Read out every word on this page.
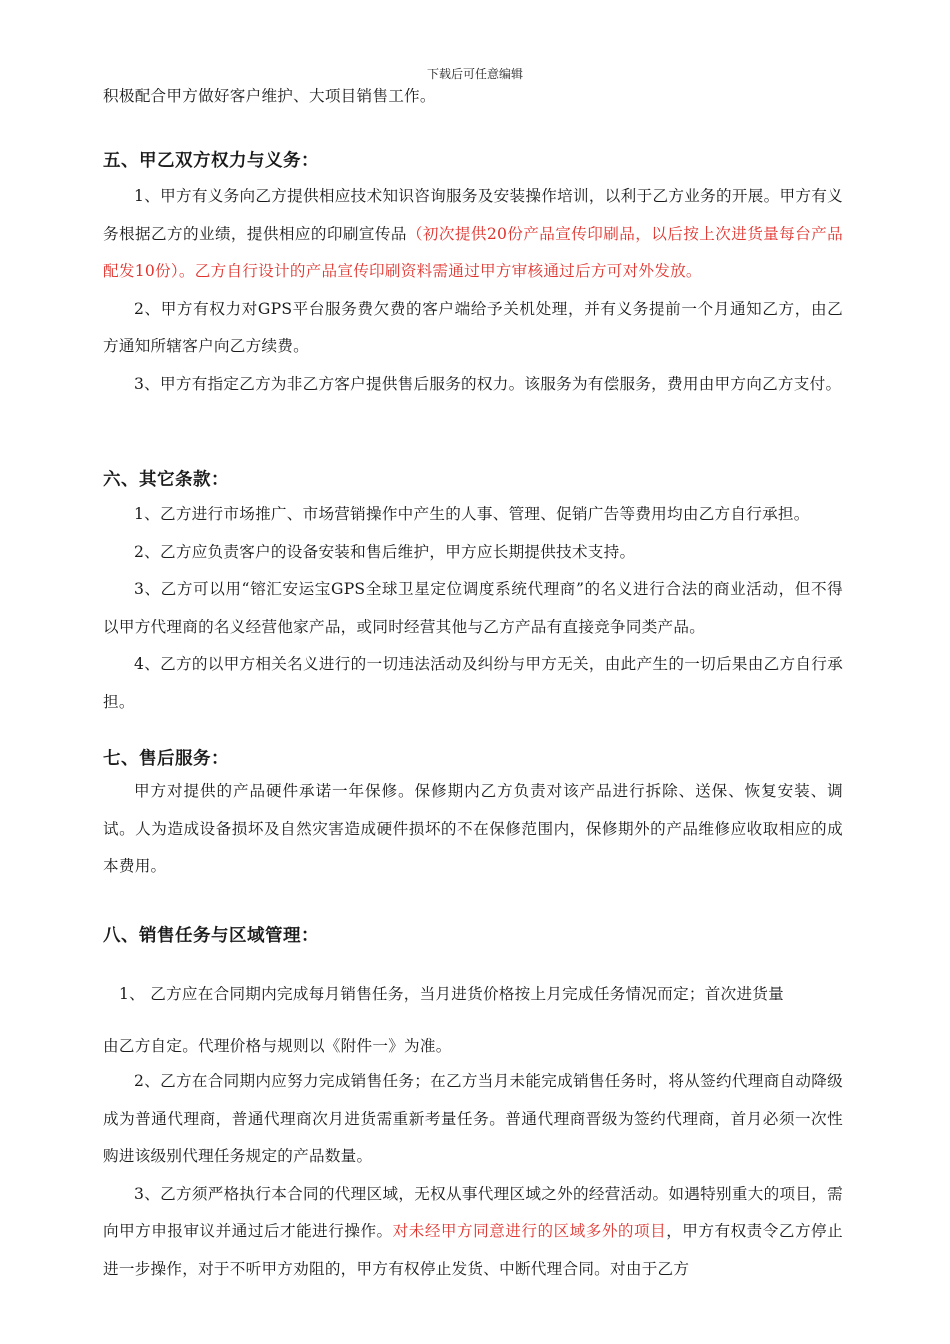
下载后可任意编辑

积极配合甲方做好客户维护、大项目销售工作。

五、甲乙双方权力与义务：

1、甲方有义务向乙方提供相应技术知识咨询服务及安装操作培训，以利于乙方业务的开展。甲方有义务根据乙方的业绩，提供相应的印刷宣传品（初次提供20份产品宣传印刷品，以后按上次进货量每台产品配发10份）。乙方自行设计的产品宣传印刷资料需通过甲方审核通过后方可对外发放。

2、甲方有权力对GPS平台服务费欠费的客户端给予关机处理，并有义务提前一个月通知乙方，由乙方通知所辖客户向乙方续费。

3、甲方有指定乙方为非乙方客户提供售后服务的权力。该服务为有偿服务，费用由甲方向乙方支付。

六、其它条款：

1、乙方进行市场推广、市场营销操作中产生的人事、管理、促销广告等费用均由乙方自行承担。

2、乙方应负责客户的设备安装和售后维护，甲方应长期提供技术支持。

3、乙方可以用“镕汇安运宝GPS全球卫星定位调度系统代理商”的名义进行合法的商业活动，但不得以甲方代理商的名义经营他家产品，或同时经营其他与乙方产品有直接竞争同类产品。

4、乙方的以甲方相关名义进行的一切违法活动及纠纷与甲方无关，由此产生的一切后果由乙方自行承担。

七、售后服务：

甲方对提供的产品硬件承诺一年保修。保修期内乙方负责对该产品进行拆除、送保、恢复安装、调试。人为造成设备损坏及自然灾害造成硬件损坏的不在保修范围内，保修期外的产品维修应收取相应的成本费用。

八、销售任务与区域管理：

1、 乙方应在合同期内完成每月销售任务，当月进货价格按上月完成任务情况而定；首次进货量

由乙方自定。代理价格与规则以《附件一》为准。

2、乙方在合同期内应努力完成销售任务；在乙方当月未能完成销售任务时，将从签约代理商自动降级成为普通代理商，普通代理商次月进货需重新考量任务。普通代理商晋级为签约代理商，首月必须一次性购进该级别代理任务规定的产品数量。

3、乙方须严格执行本合同的代理区域，无权从事代理区域之外的经营活动。如遇特别重大的项目，需向甲方申报审议并通过后才能进行操作。对未经甲方同意进行的区域多外的项目，甲方有权责令乙方停止进一步操作，对于不听甲方劝阻的，甲方有权停止发货、中断代理合同。对由于乙方
